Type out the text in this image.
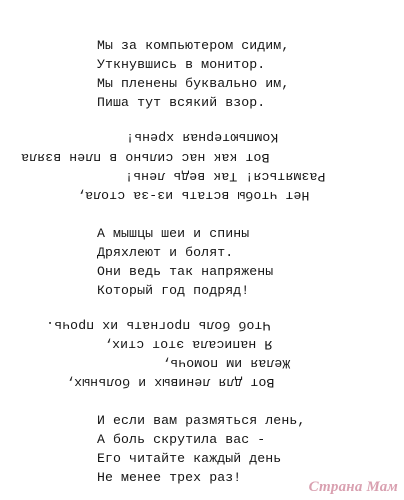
Мы за компьютером сидим,
Уткнувшись в монитор.
Мы пленены буквально им,
Пиша тут всякий взор.
Компьютерная хрень!
Вот как нас сильно в плен взяла
Размяться! Так ведь лень!
Нет чтобы встать из-за стола,
А мышцы шеи и спины
Дряхлеют и болят.
Они ведь так напряжены
Который год подряд!
Чтоб боль прогнать их прочь.
Я написала этот стих,
Желая им помочь,
Вот для ленивых и больных,
И если вам размяться лень,
А боль скрутила вас -
Его читайте каждый день
Не менее трех раз!
Страна Мам
